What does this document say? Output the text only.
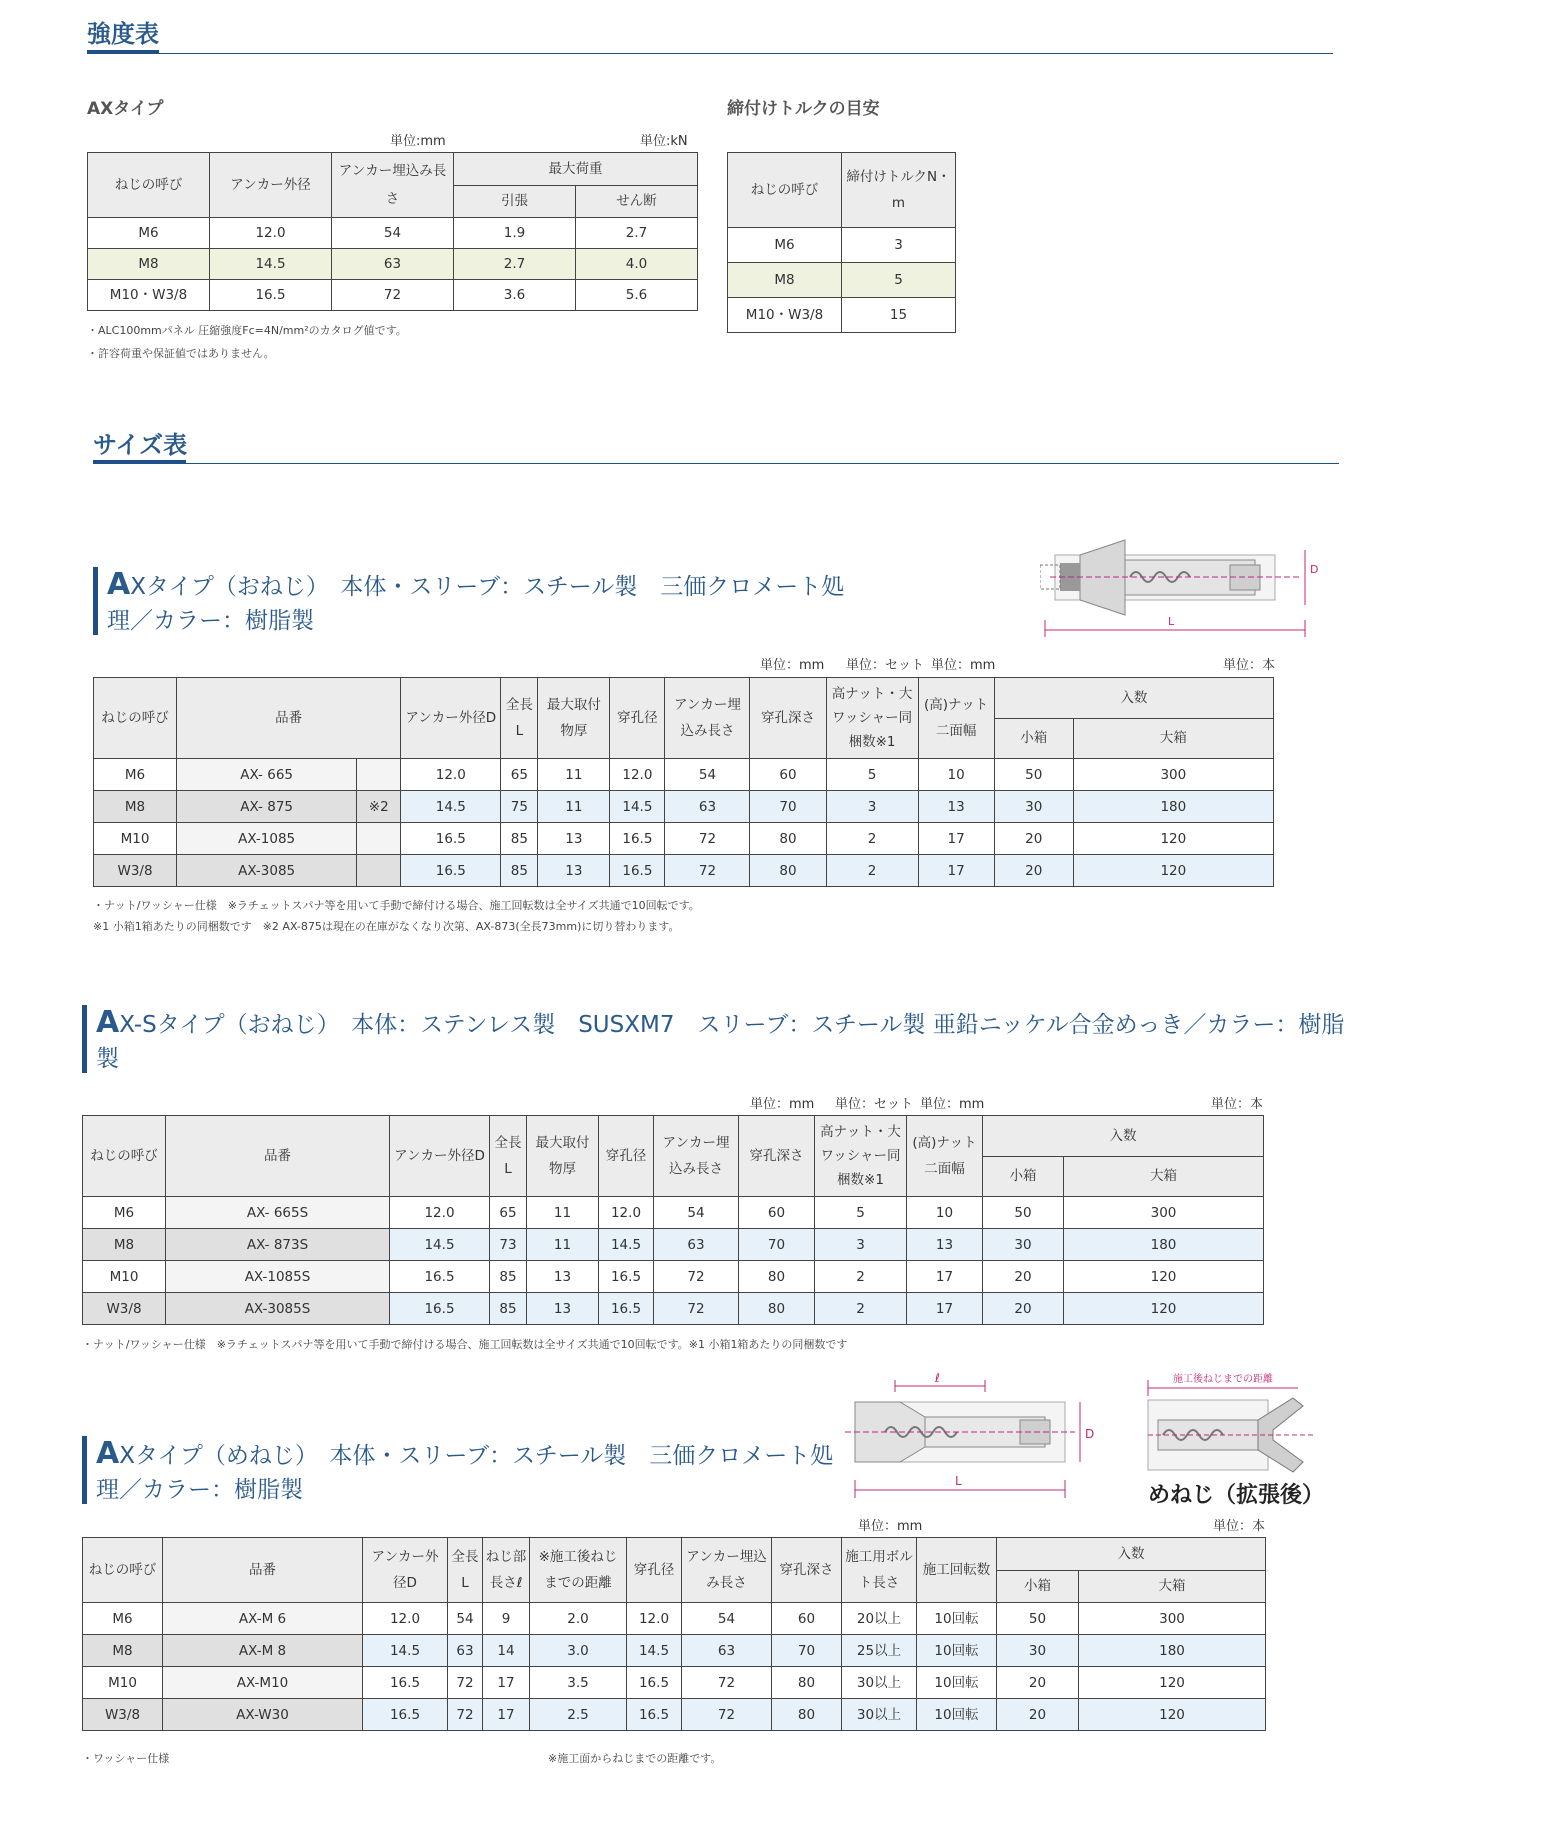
強度表
AXタイプ
単位:mm	単位:kN
ねじの呼び	アンカー外径	アンカー埋込み長さ	最大荷重	
			引張	せん断
M6	12.0	54	1.9	2.7
M8	14.5	63	2.7	4.0
M10・W3/8	16.5	72	3.6	5.6
・ALC100mmパネル 圧縮強度Fc=4N/mm²のカタログ値です。
・許容荷重や保証値ではありません。
締付けトルクの目安
ねじの呼び	締付けトルクN・m
M6	3
M8	5
M10・W3/8	15
サイズ表
AXタイプ（おねじ）　本体・スリーブ：スチール製　三価クロメート処
理／カラー：樹脂製
D
L
単位：mm 単位：セット 単位：mm	単位：本
ねじの呼び	品番		アンカー外径D	全長L	最大取付物厚	穿孔径	アンカー埋込み長さ	穿孔深さ	高ナット・大ワッシャー同梱数※1	(高)ナット二面幅	入数	
											小箱	大箱
M6	AX- 665		12.0	65	11	12.0	54	60	5	10	50	300
M8	AX- 875	※2	14.5	75	11	14.5	63	70	3	13	30	180
M10	AX-1085		16.5	85	13	16.5	72	80	2	17	20	120
W3/8	AX-3085		16.5	85	13	16.5	72	80	2	17	20	120
・ナット/ワッシャー仕様　※ラチェットスパナ等を用いて手動で締付ける場合、施工回転数は全サイズ共通で10回転です。
※1 小箱1箱あたりの同梱数です　※2 AX-875は現在の在庫がなくなり次第、AX-873(全長73mm)に切り替わります。
AX-Sタイプ（おねじ）　本体：ステンレス製　SUSXM7　スリーブ：スチール製 亜鉛ニッケル合金めっき／カラー：樹脂
製
単位：mm 単位：セット 単位：mm	単位：本
ねじの呼び	品番	アンカー外径D	全長L	最大取付物厚	穿孔径	アンカー埋込み長さ	穿孔深さ	高ナット・大ワッシャー同梱数※1	(高)ナット二面幅	入数	
										小箱	大箱
M6	AX- 665S	12.0	65	11	12.0	54	60	5	10	50	300
M8	AX- 873S	14.5	73	11	14.5	63	70	3	13	30	180
M10	AX-1085S	16.5	85	13	16.5	72	80	2	17	20	120
W3/8	AX-3085S	16.5	85	13	16.5	72	80	2	17	20	120
・ナット/ワッシャー仕様　※ラチェットスパナ等を用いて手動で締付ける場合、施工回転数は全サイズ共通で10回転です。※1 小箱1箱あたりの同梱数です
AXタイプ（めねじ）　本体・スリーブ：スチール製　三価クロメート処
理／カラー：樹脂製
ℓ
D
L
施工後ねじまでの距離
めねじ（拡張後）
単位：mm	単位：本
ねじの呼び	品番	アンカー外径D	全長L	ねじ部長さℓ	※施工後ねじまでの距離	穿孔径	アンカー埋込み長さ	穿孔深さ	施工用ボルト長さ	施工回転数	入数	
											小箱	大箱
M6	AX-M 6	12.0	54	9	2.0	12.0	54	60	20以上	10回転	50	300
M8	AX-M 8	14.5	63	14	3.0	14.5	63	70	25以上	10回転	30	180
M10	AX-M10	16.5	72	17	3.5	16.5	72	80	30以上	10回転	20	120
W3/8	AX-W30	16.5	72	17	2.5	16.5	72	80	30以上	10回転	20	120
・ワッシャー仕様	※施工面からねじまでの距離です。
